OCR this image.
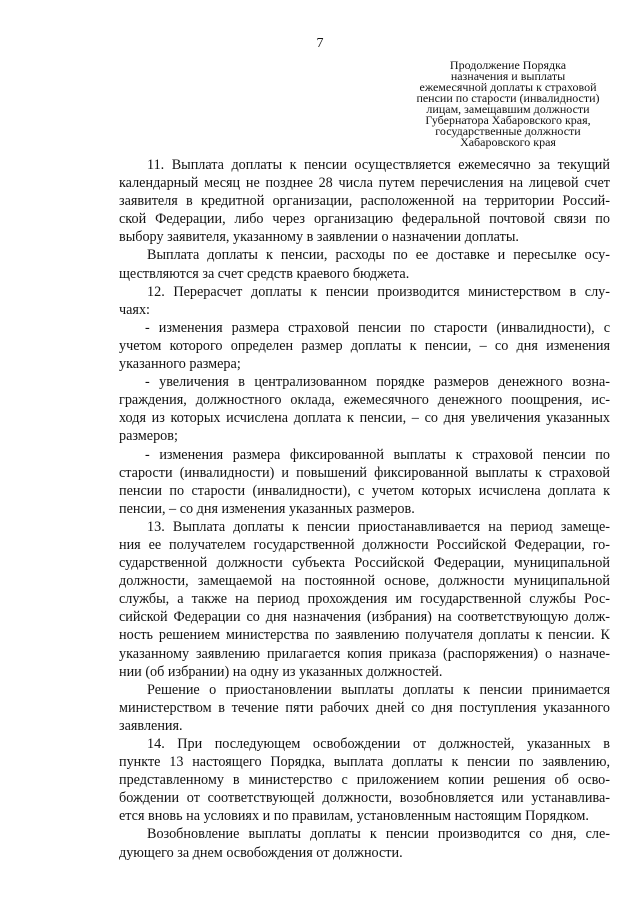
7
Продолжение Порядка
назначения и выплаты
ежемесячной доплаты к страховой
пенсии по старости (инвалидности)
лицам, замещавшим должности
Губернатора Хабаровского края,
государственные должности
Хабаровского края
11. Выплата доплаты к пенсии осуществляется ежемесячно за текущий
календарный месяц не позднее 28 числа путем перечисления на лицевой счет
заявителя в кредитной организации, расположенной на территории Россий-
ской Федерации, либо через организацию федеральной почтовой связи по
выбору заявителя, указанному в заявлении о назначении доплаты.
Выплата доплаты к пенсии, расходы по ее доставке и пересылке осу-
ществляются за счет средств краевого бюджета.
12. Перерасчет доплаты к пенсии производится министерством в слу-
чаях:
- изменения размера страховой пенсии по старости (инвалидности), с
учетом которого определен размер доплаты к пенсии, – со дня изменения
указанного размера;
- увеличения в централизованном порядке размеров денежного возна-
граждения, должностного оклада, ежемесячного денежного поощрения, ис-
ходя из которых исчислена доплата к пенсии, – со дня увеличения указанных
размеров;
- изменения размера фиксированной выплаты к страховой пенсии по
старости (инвалидности) и повышений фиксированной выплаты к страховой
пенсии по старости (инвалидности), с учетом которых исчислена доплата к
пенсии, – со дня изменения указанных размеров.
13. Выплата доплаты к пенсии приостанавливается на период замеще-
ния ее получателем государственной должности Российской Федерации, го-
сударственной должности субъекта Российской Федерации, муниципальной
должности, замещаемой на постоянной основе, должности муниципальной
службы, а также на период прохождения им государственной службы Рос-
сийской Федерации со дня назначения (избрания) на соответствующую долж-
ность решением министерства по заявлению получателя доплаты к пенсии. К
указанному заявлению прилагается копия приказа (распоряжения) о назначе-
нии (об избрании) на одну из указанных должностей.
Решение о приостановлении выплаты доплаты к пенсии принимается
министерством в течение пяти рабочих дней со дня поступления указанного
заявления.
14. При последующем освобождении от должностей, указанных в
пункте 13 настоящего Порядка, выплата доплаты к пенсии по заявлению,
представленному в министерство с приложением копии решения об осво-
бождении от соответствующей должности, возобновляется или устанавлива-
ется вновь на условиях и по правилам, установленным настоящим Порядком.
Возобновление выплаты доплаты к пенсии производится со дня, сле-
дующего за днем освобождения от должности.
